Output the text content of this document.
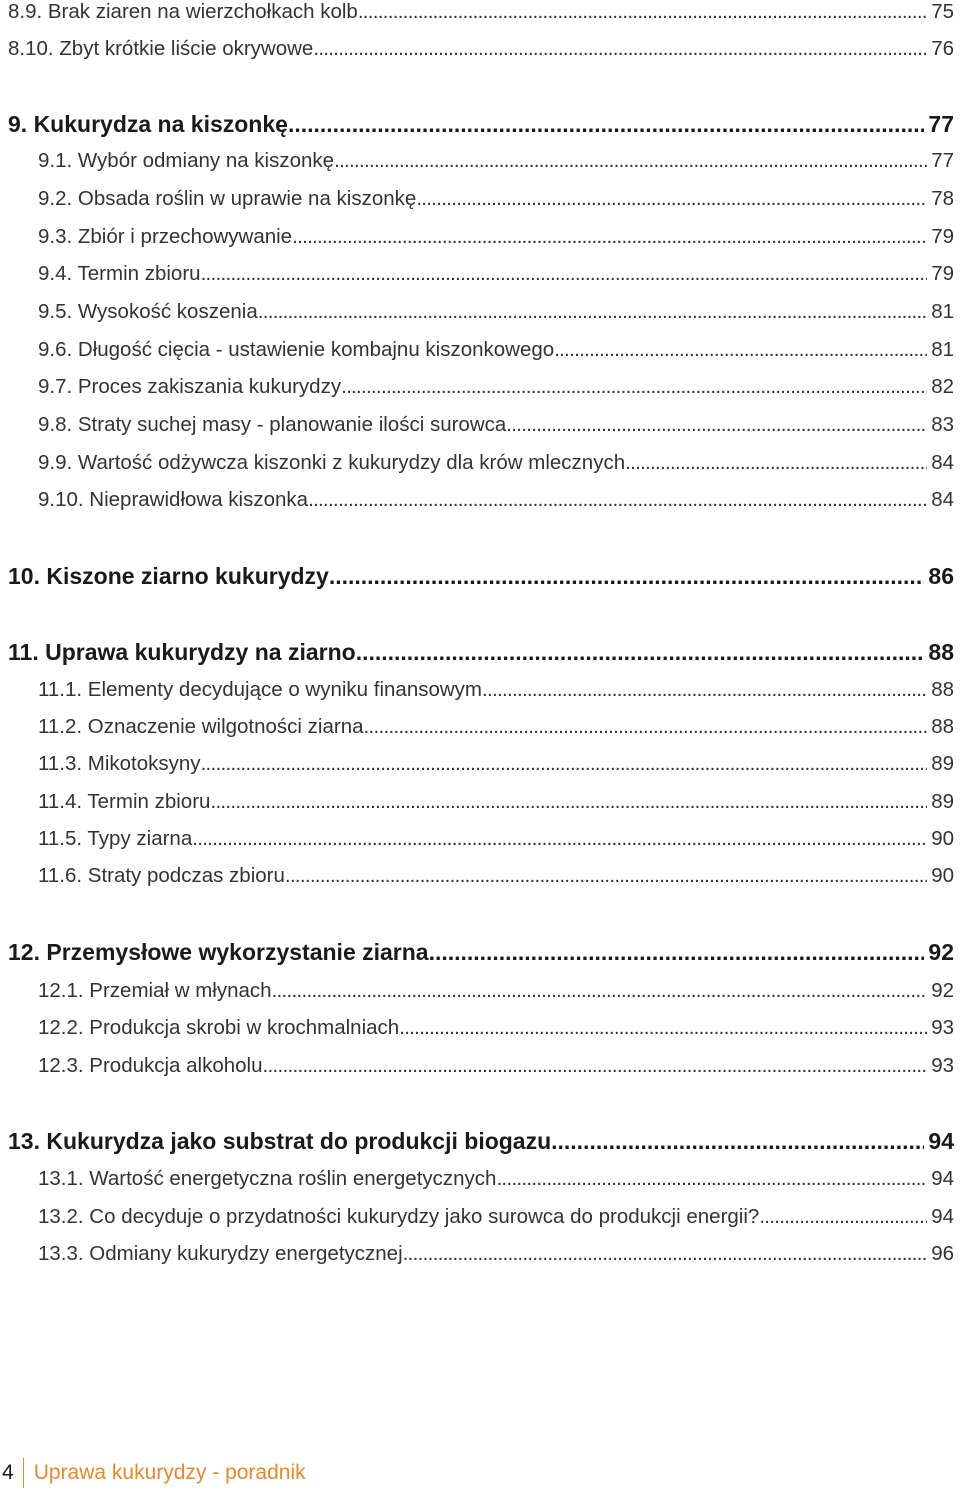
8.9. Brak ziaren na wierzchołkach kolb . . .	75
8.10. Zbyt krótkie liście okrywowe . . .	76
9. Kukurydza na kiszonkę . . .	77
9.1. Wybór odmiany na kiszonkę . . .	77
9.2. Obsada roślin w uprawie na kiszonkę . . .	78
9.3. Zbiór i przechowywanie . . .	79
9.4. Termin zbioru . . .	79
9.5. Wysokość koszenia . . .	81
9.6. Długość cięcia - ustawienie kombajnu kiszonkowego . . .	81
9.7. Proces zakiszania kukurydzy . . .	82
9.8. Straty suchej masy - planowanie ilości surowca . . .	83
9.9. Wartość odżywcza kiszonki z kukurydzy dla krów mlecznych . . .	84
9.10. Nieprawidłowa kiszonka . . .	84
10. Kiszone ziarno kukurydzy . . .	86
11. Uprawa kukurydzy na ziarno . . .	88
11.1. Elementy decydujące o wyniku finansowym . . .	88
11.2. Oznaczenie wilgotności ziarna . . .	88
11.3. Mikotoksyny . . .	89
11.4. Termin zbioru . . .	89
11.5. Typy ziarna . . .	90
11.6. Straty podczas zbioru . . .	90
12. Przemysłowe wykorzystanie ziarna . . .	92
12.1. Przemiał w młynach . . .	92
12.2. Produkcja skrobi w krochmalniach . . .	93
12.3. Produkcja alkoholu . . .	93
13. Kukurydza jako substrat do produkcji biogazu . . .	94
13.1. Wartość energetyczna roślin energetycznych . . .	94
13.2. Co decyduje o przydatności kukurydzy jako surowca do produkcji energii? . . .	94
13.3. Odmiany kukurydzy energetycznej . . .	96
4 Uprawa kukurydzy - poradnik
